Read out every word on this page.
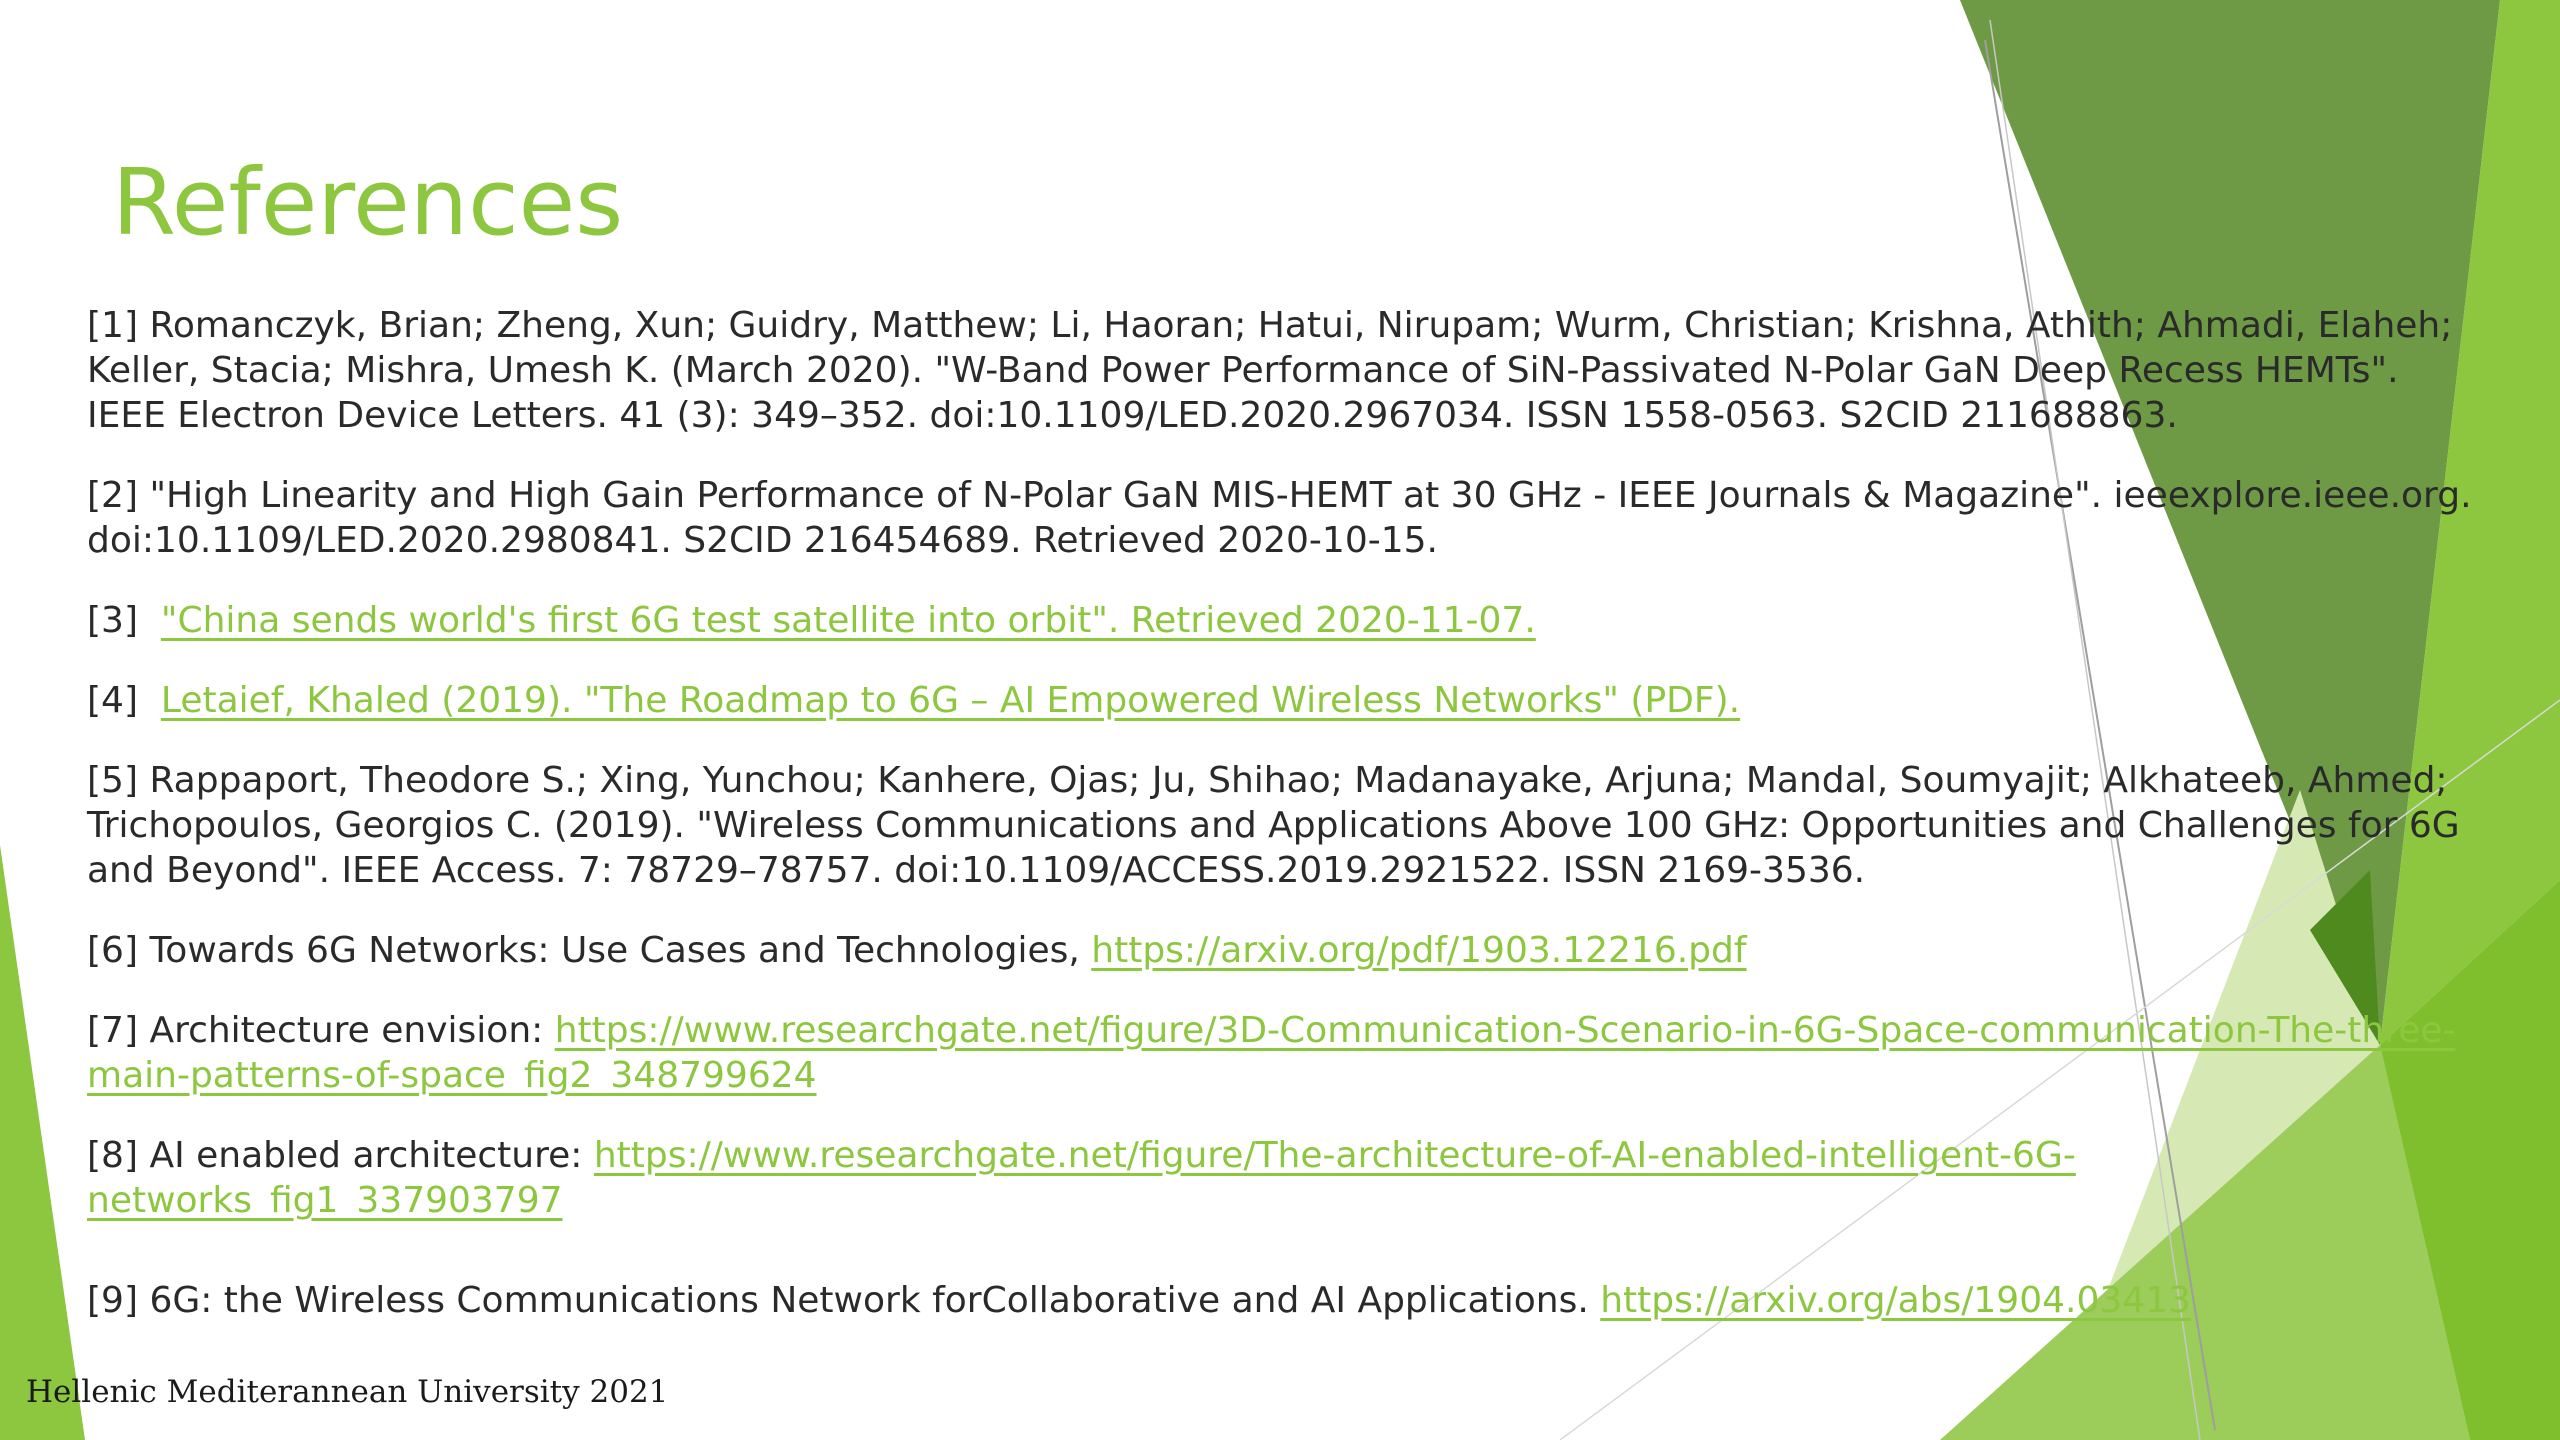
References

[1] Romanczyk, Brian; Zheng, Xun; Guidry, Matthew; Li, Haoran; Hatui, Nirupam; Wurm, Christian; Krishna, Athith; Ahmadi, Elaheh; Keller, Stacia; Mishra, Umesh K. (March 2020). "W-Band Power Performance of SiN-Passivated N-Polar GaN Deep Recess HEMTs". IEEE Electron Device Letters. 41 (3): 349–352. doi:10.1109/LED.2020.2967034. ISSN 1558-0563. S2CID 211688863.

[2] "High Linearity and High Gain Performance of N-Polar GaN MIS-HEMT at 30 GHz - IEEE Journals & Magazine". ieeexplore.ieee.org. doi:10.1109/LED.2020.2980841. S2CID 216454689. Retrieved 2020-10-15.

[3]  "China sends world's first 6G test satellite into orbit". Retrieved 2020-11-07.

[4]  Letaief, Khaled (2019). "The Roadmap to 6G – AI Empowered Wireless Networks" (PDF).

[5] Rappaport, Theodore S.; Xing, Yunchou; Kanhere, Ojas; Ju, Shihao; Madanayake, Arjuna; Mandal, Soumyajit; Alkhateeb, Ahmed; Trichopoulos, Georgios C. (2019). "Wireless Communications and Applications Above 100 GHz: Opportunities and Challenges for 6G and Beyond". IEEE Access. 7: 78729–78757. doi:10.1109/ACCESS.2019.2921522. ISSN 2169-3536.

[6] Towards 6G Networks: Use Cases and Technologies, https://arxiv.org/pdf/1903.12216.pdf

[7] Architecture envision: https://www.researchgate.net/figure/3D-Communication-Scenario-in-6G-Space-communication-The-three-main-patterns-of-space_fig2_348799624

[8] AI enabled architecture: https://www.researchgate.net/figure/The-architecture-of-AI-enabled-intelligent-6G-networks_fig1_337903797

[9] 6G: the Wireless Communications Network forCollaborative and AI Applications. https://arxiv.org/abs/1904.03413

Hellenic Mediterannean University 2021
